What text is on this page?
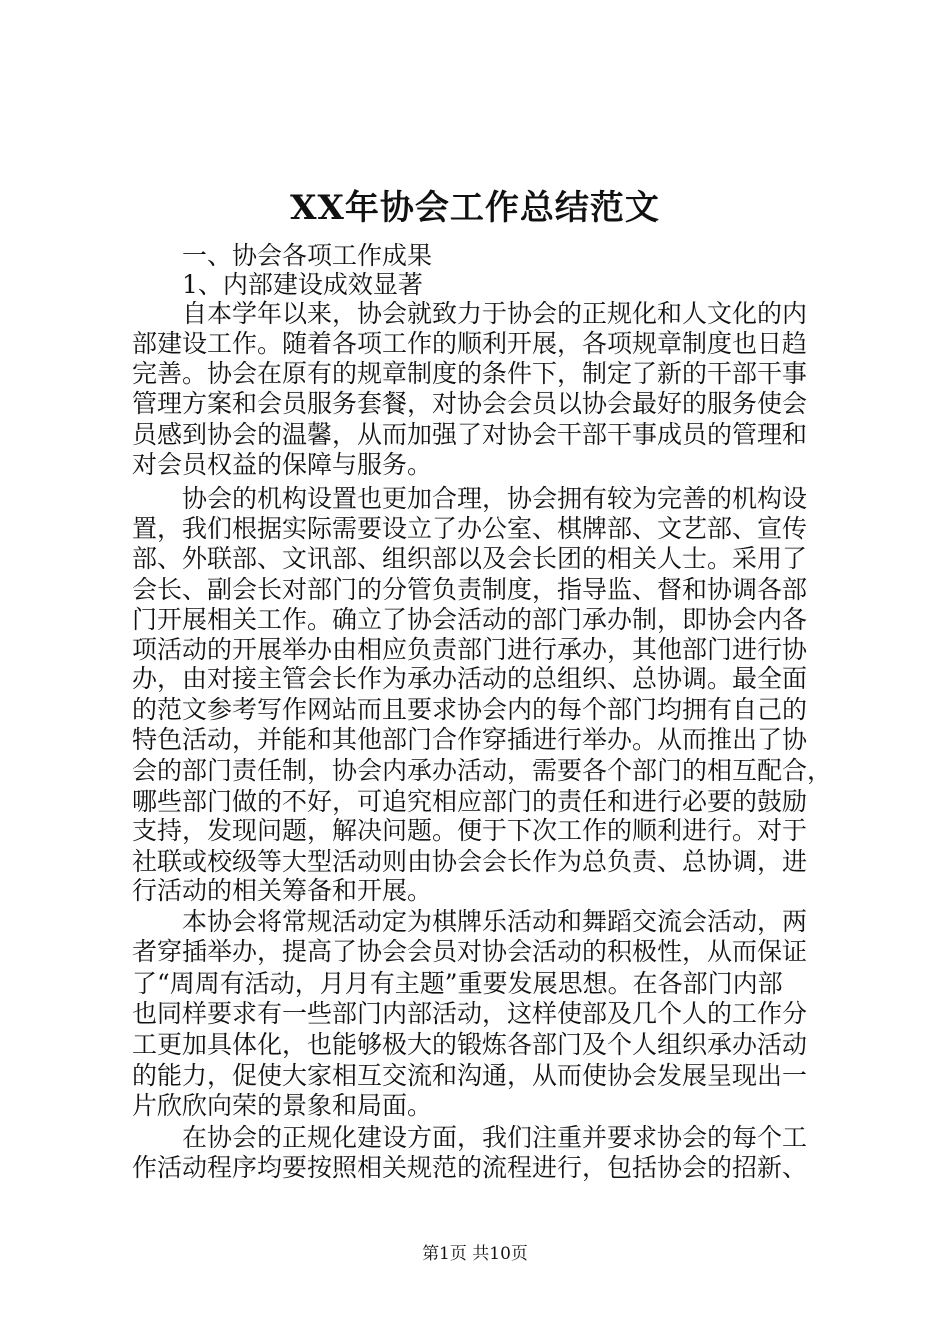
XX年协会工作总结范文
　　一、协会各项工作成果
　　1、内部建设成效显著
　　自本学年以来，协会就致力于协会的正规化和人文化的内
部建设工作。随着各项工作的顺利开展，各项规章制度也日趋
完善。协会在原有的规章制度的条件下，制定了新的干部干事
管理方案和会员服务套餐，对协会会员以协会最好的服务使会
员感到协会的温馨，从而加强了对协会干部干事成员的管理和
对会员权益的保障与服务。
　　协会的机构设置也更加合理，协会拥有较为完善的机构设
置，我们根据实际需要设立了办公室、棋牌部、文艺部、宣传
部、外联部、文讯部、组织部以及会长团的相关人士。采用了
会长、副会长对部门的分管负责制度，指导监、督和协调各部
门开展相关工作。确立了协会活动的部门承办制，即协会内各
项活动的开展举办由相应负责部门进行承办，其他部门进行协
办，由对接主管会长作为承办活动的总组织、总协调。最全面
的范文参考写作网站而且要求协会内的每个部门均拥有自己的
特色活动，并能和其他部门合作穿插进行举办。从而推出了协
会的部门责任制，协会内承办活动，需要各个部门的相互配合，
哪些部门做的不好，可追究相应部门的责任和进行必要的鼓励
支持，发现问题，解决问题。便于下次工作的顺利进行。对于
社联或校级等大型活动则由协会会长作为总负责、总协调，进
行活动的相关筹备和开展。
　　本协会将常规活动定为棋牌乐活动和舞蹈交流会活动，两
者穿插举办，提高了协会会员对协会活动的积极性，从而保证
了“周周有活动，月月有主题”重要发展思想。在各部门内部
也同样要求有一些部门内部活动，这样使部及几个人的工作分
工更加具体化，也能够极大的锻炼各部门及个人组织承办活动
的能力，促使大家相互交流和沟通，从而使协会发展呈现出一
片欣欣向荣的景象和局面。
　　在协会的正规化建设方面，我们注重并要求协会的每个工
作活动程序均要按照相关规范的流程进行，包括协会的招新、
第1页 共10页
